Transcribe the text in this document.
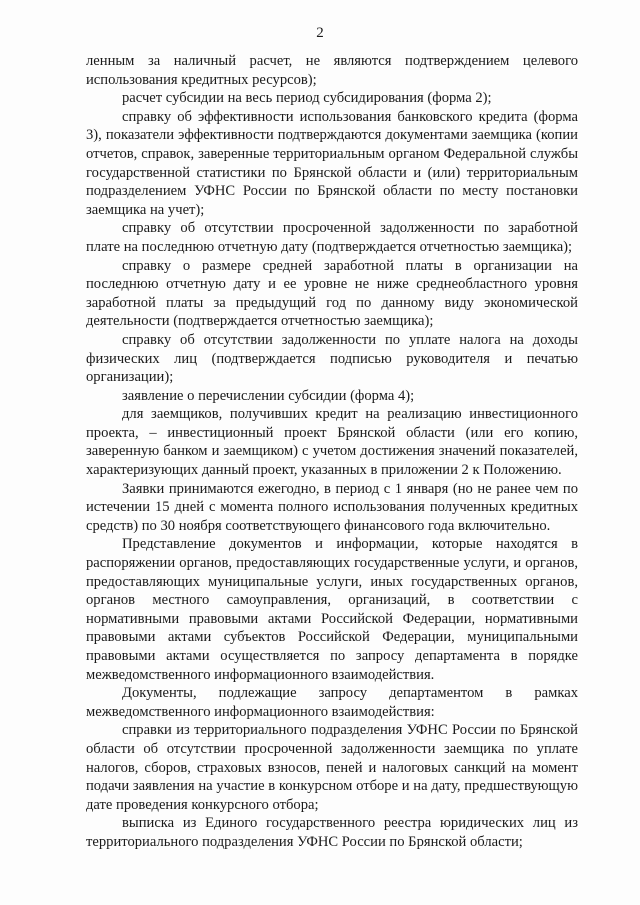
2

ленным за наличный расчет, не являются подтверждением целевого использования кредитных ресурсов);

расчет субсидии на весь период субсидирования (форма 2);

справку об эффективности использования банковского кредита (форма 3), показатели эффективности подтверждаются документами заемщика (копии отчетов, справок, заверенные территориальным органом Федеральной службы государственной статистики по Брянской области и (или) территориальным подразделением УФНС России по Брянской области по месту постановки заемщика на учет);

справку об отсутствии просроченной задолженности по заработной плате на последнюю отчетную дату (подтверждается отчетностью заемщика);

справку о размере средней заработной платы в организации на последнюю отчетную дату и ее уровне не ниже среднеобластного уровня заработной платы за предыдущий год по данному виду экономической деятельности (подтверждается отчетностью заемщика);

справку об отсутствии задолженности по уплате налога на доходы физических лиц (подтверждается подписью руководителя и печатью организации);

заявление о перечислении субсидии (форма 4);

для заемщиков, получивших кредит на реализацию инвестиционного проекта, – инвестиционный проект Брянской области (или его копию, заверенную банком и заемщиком) с учетом достижения значений показателей, характеризующих данный проект, указанных в приложении 2 к Положению.

Заявки принимаются ежегодно, в период с 1 января (но не ранее чем по истечении 15 дней с момента полного использования полученных кредитных средств) по 30 ноября соответствующего финансового года включительно.

Представление документов и информации, которые находятся в распоряжении органов, предоставляющих государственные услуги, и органов, предоставляющих муниципальные услуги, иных государственных органов, органов местного самоуправления, организаций, в соответствии с нормативными правовыми актами Российской Федерации, нормативными правовыми актами субъектов Российской Федерации, муниципальными правовыми актами осуществляется по запросу департамента в порядке межведомственного информационного взаимодействия.

Документы, подлежащие запросу департаментом в рамках межведомственного информационного взаимодействия:

справки из территориального подразделения УФНС России по Брянской области об отсутствии просроченной задолженности заемщика по уплате налогов, сборов, страховых взносов, пеней и налоговых санкций на момент подачи заявления на участие в конкурсном отборе и на дату, предшествующую дате проведения конкурсного отбора;

выписка из Единого государственного реестра юридических лиц из территориального подразделения УФНС России по Брянской области;
